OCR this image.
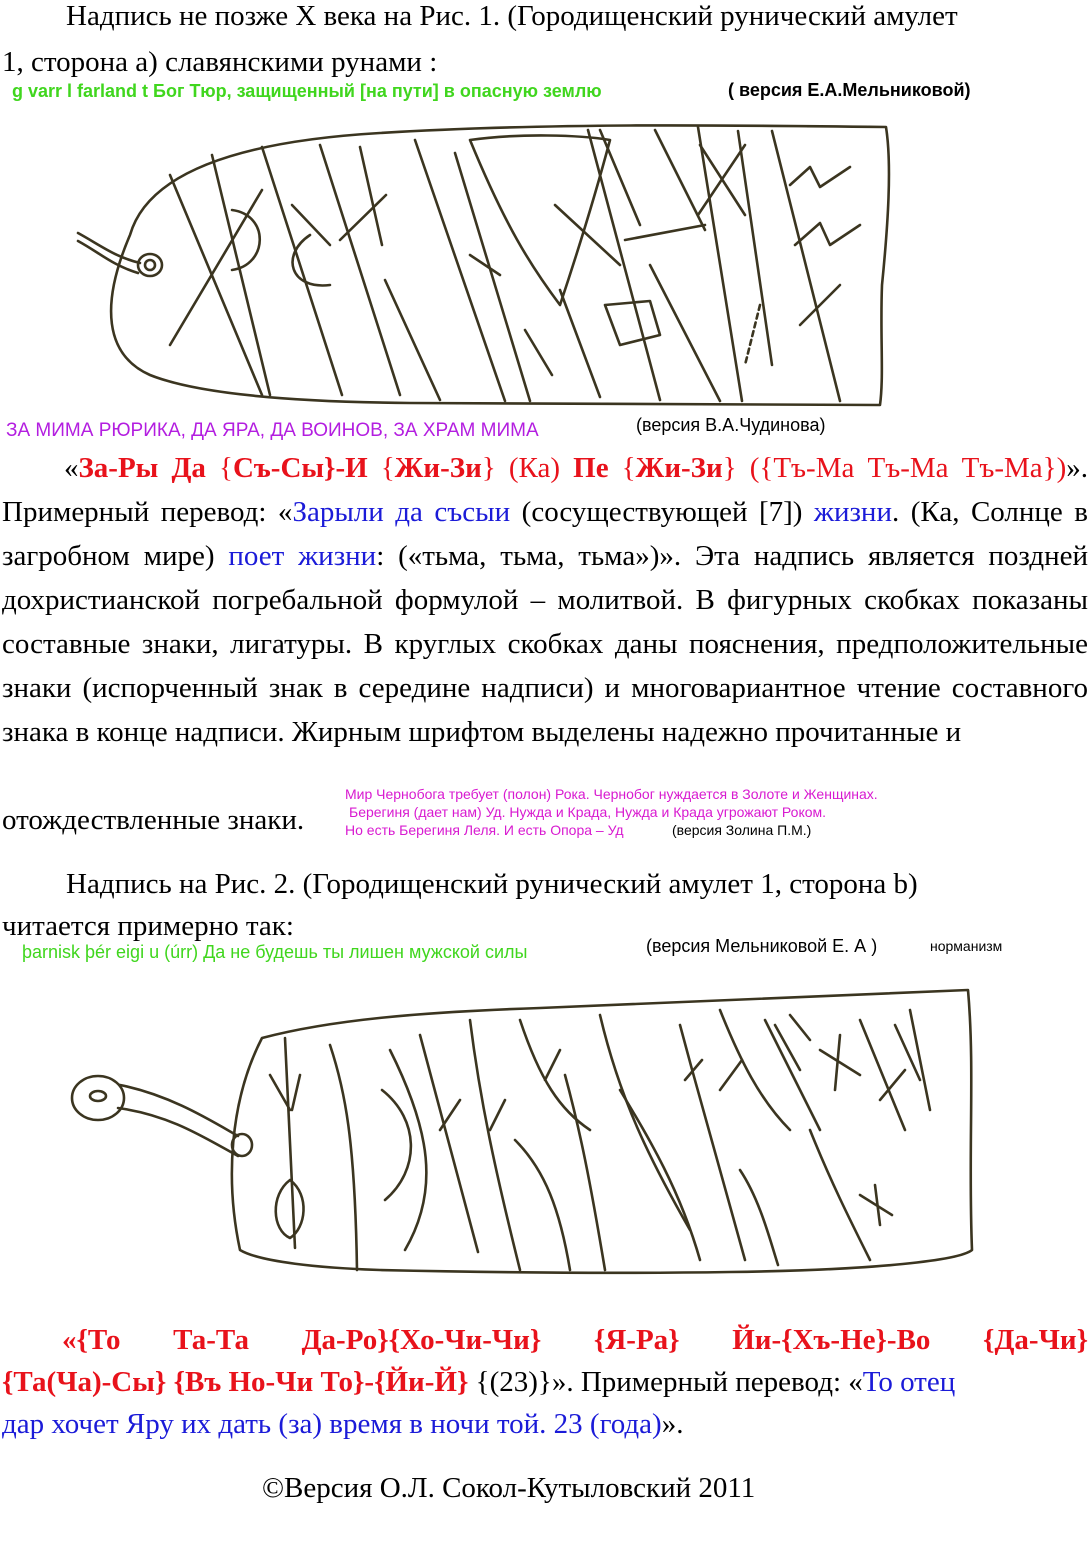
Надпись не позже X века на Рис. 1. (Городищенский рунический амулет
1, сторона а) славянскими рунами :
g varr l farland t Бог Тюр, защищенный [на пути] в опасную землю	( версия Е.А.Мельниковой)
ЗА МИМА РЮРИКА, ДА ЯРА, ДА ВОИНОВ, ЗА ХРАМ МИМА	(версия В.А.Чудинова)

«За-Ры Да {Съ-Сы}-И {Жи-Зи} (Ка) Пе {Жи-Зи} ({Тъ-Ма Тъ-Ма Тъ-Ма})». Примерный перевод: «Зарыли да съсыи (сосуществующей [7]) жизни. (Ка, Солнце в загробном мире) поет жизни: («тьма, тьма, тьма»)». Эта надпись является поздней дохристианской погребальной формулой – молитвой. В фигурных скобках показаны составные знаки, лигатуры. В круглых скобках даны пояснения, предположительные знаки (испорченный знак в середине надписи) и многовариантное чтение составного знака в конце надписи. Жирным шрифтом выделены надежно прочитанные и

отождествленные знаки.
Мир Чернобога требует (полон) Рока. Чернобог нуждается в Золоте и Женщинах.
Берегиня (дает нам) Уд. Нужда и Крада, Нужда и Крада угрожают Роком.
Но есть Берегиня Леля. И есть Опора – Уд	(версия Золина П.М.)
Надпись на Рис. 2. (Городищенский рунический амулет 1, сторона b)
читается примерно так:
þarnisk þér eigi u (úrr) Да не будешь ты лишен мужской силы	(версия Мельниковой Е. А )	норманизм
«{То Та-Та Да-Ро}{Хо-Чи-Чи} {Я-Ра} Йи-{Хъ-Не}-Во {Да-Чи}
{Та(Ча)-Сы} {Въ Но-Чи То}-{Йи-Й} {(23)}». Примерный перевод: «То отец
дар хочет Яру их дать (за) время в ночи той. 23 (года)».
©Версия О.Л. Сокол-Кутыловский 2011
